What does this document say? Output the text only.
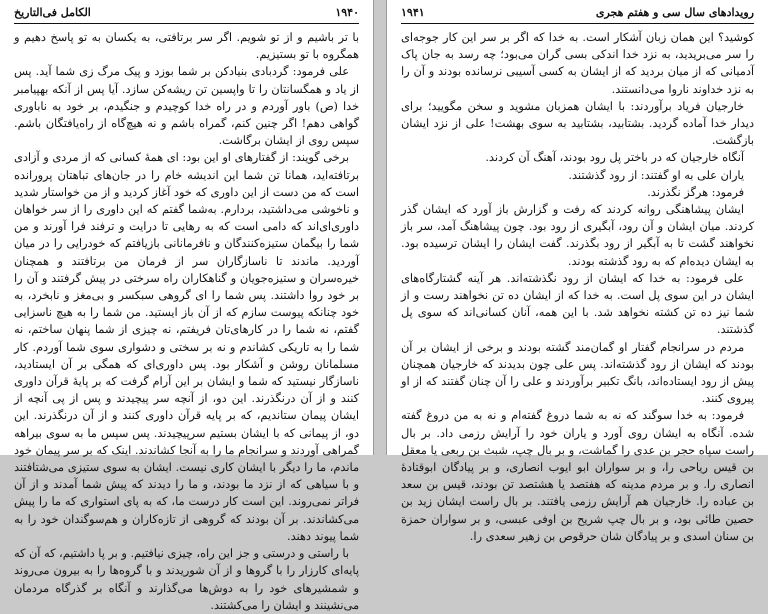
الکامل فی‌التاریخ	۱۹۴۰

با تر باشیم و از تو شویم. اگر سر برتافتی، به یکسان به تو پاسخ دهیم و همگروه با تو بستیزیم.

علی فرمود: گردبادی بنیادکن بر شما بوزد و پیک مرگ زی شما آید. پس از یاد و همگسانتان را تا واپسین تن ریشه‌کن سازد. آیا پس از آنکه بهپیامبر خدا (ص) باور آوردم و در راه خدا کوچیدم و جنگیدم، بر خود به ناباوری گواهی دهم! اگر چنین کنم، گمراه باشم و نه هیچ‌گاه از راه‌یافتگان باشم. سپس روی از ایشان برگاشت.

برخی گویند: از گفتارهای او این بود: ای همهٔ کسانی که از مردی و آزادی برتافته‌اید، همانا تن شما این اندیشه خام را در جان‌های تباهتان پرورانده است که من دست از این داوری که خود آغاز کردید و از من خواستار شدید و ناخوشی می‌داشتید، بردارم. به‌شما گفتم که این داوری را از سر خواهان داوری‌ای‌اند که دامی است که به رهایی تا درایت و ترفند فرا آورند و من شما را بیگمان ستیزه‌کنندگان و نافرمانانی بازیافتم که خودرایی را در میان آوردید. ماندند تا ناسازگاران سر از فرمان من برتافتند و همچنان خیره‌سران و ستیزه‌جویان و گناهکاران راه سرختی در پیش گرفتند و آن را بر خود روا داشتند. پس شما را ای گروهی سبکسر و بی‌مغز و نابخرد، به خود چنانکه پیوست سازم که از آن باز ایستید. من شما را به هیچ ناسزایی گفتم، نه شما را در کارهای‌تان فریفتم، نه چیزی از شما پنهان ساختم، نه شما را به تاریکی کشاندم و نه بر سختی و دشواری سوی شما آوردم. کار مسلمانان روشن و آشکار بود. پس داوری‌ای که همگی بر آن ایستادید، ناسازگار نیستید که شما و ایشان بر این آرام گرفت که بر پایهٔ قرآن داوری کنند و از آن درنگذرند. این دو، از آنچه سر پیچیدند و پس از پی آنچه از ایشان پیمان ستاندیم، که بر پایه قرآن داوری کنند و از آن درنگذرند. این دو، از پیمانی که با ایشان بستیم سرپیچیدند. پس سپس ما به سوی بیراهه گمراهی آوردند و سرانجام ما را به آنجا کشاندند. اینک که بر سر پیمان خود ماندم، ما را دیگر با ایشان کاری نیست. ایشان به سوی ستیزی می‌شتافتند و با سیاهی که از نزد ما بودند، و ما را دیدند که پیش شما آمدند و از آن فراتر نمی‌روند. این است کار درست ما، که به پای استواری که ما را پیش می‌کشاندند. بر آن بودند که گروهی از تازه‌کاران و هم‌سوگندان خود را به شما پیوند دهند.

با راستی و درستی و جز این راه، چیزی نیافتیم. و بر پا داشتیم، که آن که پایه‌ای کارزار را با گروها و از آن شوریدند و با گروه‌ها را به بیرون می‌روند و شمشیرهای خود را به دوش‌ها می‌گذارند و آنگاه بر گذرگاه مردمان می‌نشینند و ایشان را می‌کشتند.

۱۹۴۱	رویدادهای سال سی و هفتم هجری

کوشید؟ این همان زبان آشکار است. به خدا که اگر بر سر این کار جوجه‌ای را سر می‌بریدید، به نزد خدا اندکی بسی گران می‌بود؛ چه رسد به جان پاک آدمیانی که از میان بردید که از ایشان به کسی آسیبی نرسانده بودند و آن را به نزد خداوند ناروا می‌دانستند.

خارجیان فریاد برآوردند: با ایشان همزبان مشوید و سخن مگویید؛ برای دیدار خدا آماده گردید. بشتابید، بشتابید به سوی بهشت! علی از نزد ایشان بازگشت.

آنگاه خارجیان که در باختر پل رود بودند، آهنگ آن کردند.

یاران علی به او گفتند: از رود گذشتند.

فرمود: هرگز نگذرند.

ایشان پیشاهنگی روانه کردند که رفت و گزارش باز آورد که ایشان گذر کردند. میان ایشان و آن رود، آبگیری از رود بود. چون پیشاهنگ آمد، سر باز نخواهند گشت تا به آبگیر از رود بگذرند. گفت ایشان را ایشان ترسیده بود. به ایشان دیده‌ام که به رود گذشته بودند.

علی فرمود: به خدا که ایشان از رود نگذشته‌اند. هر آینه گشتارگاه‌های ایشان در این سوی پل است. به خدا که از ایشان ده تن نخواهند رست و از شما نیز ده تن کشته نخواهد شد. با این همه، آنان کسانی‌اند که سوی پل گذشتند.

مردم در سرانجام گفتار او گمان‌مند گشته بودند و برخی از ایشان بر آن بودند که ایشان از رود گذشته‌اند. پس علی چون بدیدند که خارجیان همچنان پیش از رود ایستاده‌اند، بانگ تکبیر برآوردند و علی را آن چنان گفتند که از او پیروی کنند.

فرمود: به خدا سوگند که نه به شما دروغ گفته‌ام و نه به من دروغ گفته شده. آنگاه به ایشان روی آورد و یاران خود را آرایش رزمی داد. بر بال راست سپاه حجر بن عدی را گماشت، و بر بال چپ، شبث بن ربعی یا معقل بن قیس ریاحی را، و بر سواران ابو ایوب انصاری، و بر پیادگان ابوقتادهٔ انصاری را. و بر مردم مدینه که هفتصد یا هشتصد تن بودند، قیس بن سعد بن عباده را. خارجیان هم آرایش رزمی یافتند. بر بال راست ایشان زید بن حصین طائی بود، و بر بال چپ شریح بن اوفی عبسی، و بر سواران حمزة بن سنان اسدی و بر پیادگان شان حرقوص بن زهیر سعدی را.
